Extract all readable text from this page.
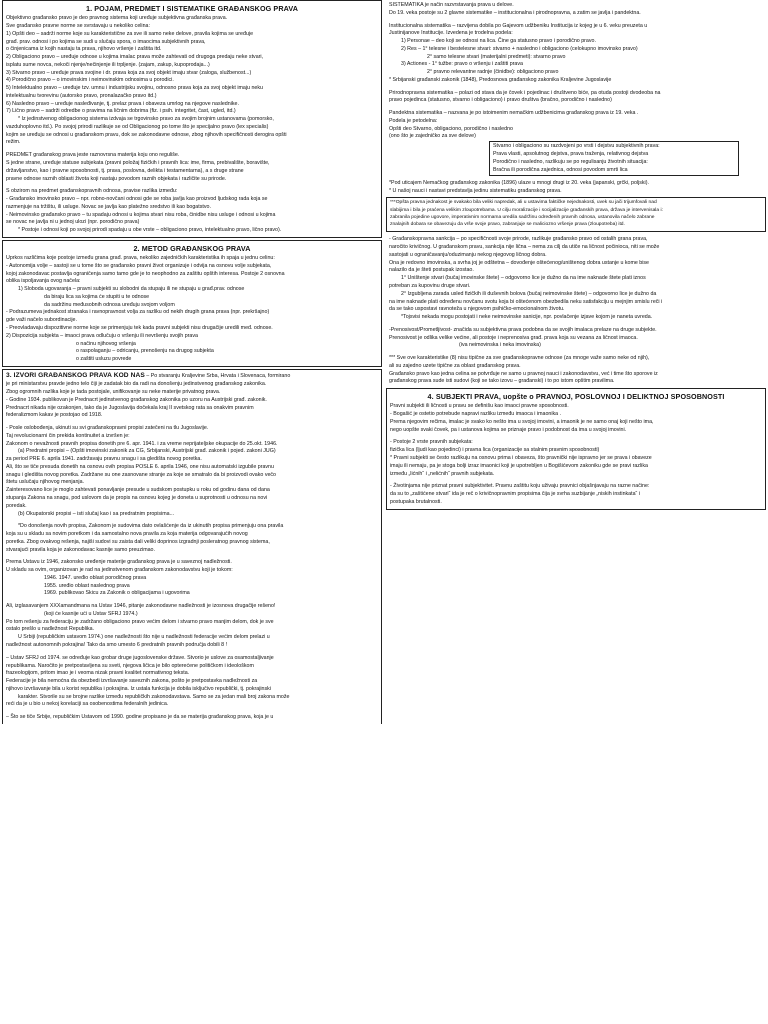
1. POJAM, PREDMET I SISTEMATIKE GRAĐANSKOG PRAVA
Objektivno građansko pravo je deo pravnog sistema koji uređuje subjektivna građanska prava.
Sve građansko pravne norme se svrstavaju u nekoliko celina:
1) Opšti deo – sadrži norme koje su karakteristične za sve ili samo neke delove, pravila kojima se uređuje
građ. prav. odnosi i po kojima se sudi u slučaju spora, o imaocima subjektivnih prava,
o činjenicama iz kojih nastaju ta prava, njihovo vršenje i zaštita itd.
2) Obligaciono pravo – uređuje odnose u kojima imalac prava može zahtevati od drugoga predaju neke stvari,
isplatu sume novca, nekoči njenje/nečinjenje ili trpljenje. (zajam, zakup, kupoprodaja...)
3) Stvarno pravo – uređuje prava svojine i dr. prava koja za svoj objekt imaju stvar (zaloga, službenost...)
4) Porodično pravo – o imovinskim i neimovinskim odnosima u porodici.
5) Intelektualno pravo – uređuje tzv. umnu i industrijsku svojinu, odnosno prava koja za svoj objekt imaju neku
intelektualnu tvorevinu (autorsko pravo, pronalazačko pravo itd.)
6) Nasledno pravo – uređuje nasleđivanje, tj. prelaz prava i obaveza umrlog na njegove naslednike.
7) Lično pravo – sadrži odredbe o pravima na ličnim dobrima (fiz. i psih. integritet, čast, ugled, itd.)
* Iz jedinstvenog obligacionog sistema izdvaja se trgovinsko pravo za svojim brojnim ustanovama (pomorsko,
vazduhoplovno itd.). Po svojoj prirodi razlikuje se od Obligacionog po tome što je specijalno pravo (lex specialis)
kojim se uređuju se odnosi u građanskom pravu, dok se zakonodavne odnose, zbog njihovih specifičnosti derogira opšti
režim.
PREDMET građanskog prava jeste raznovrsna materija koju ono reguliše.
S jedne strane, uređuje statuse subjekata (pravni položaj fizičkih i pravnih lica: ime, firma, prebivalište, boravište,
državljanstvo, kao i pravne sposobnosti, tj. prava, poslovna, delikta i testamentarna), a s druge strane
pravne odnose raznih oblasti života koji nastaju povodom raznih objekata i različite su prirode.
S obzirom na predmet građanskopravnih odnosa, pravise razlika između:
- Građansko imovinsko pravo – npr. robno-novčani odnosi gde se roba javlja kao proizvod ljudskog rada koja se
razmenjuje na tržištu, ili usluge. Novac se javlja kao platežno sredstvo ili kao bogatstvo.
- Neimovinsko građansko pravo – tu spadaju odnosi u kojima stvari nisu roba, činidbe nisu usluge i odnosi u kojima
se novac ne javlja ni u jednoj ulozi (npr. porodično prava)
* Postoje i odnosi koji po svojoj prirodi spadaju u obe vrste – obligaciono pravo, intelektualno pravo, lično pravo).
2. METOD GRAĐANSKOG PRAVA
Uprkos različima koje postoje između grana građ. prava, nekoliko zajedničkih karakteristika ih spaja u jednu celinu:
- Autonomija volje – sastoji se u tome što se građansko pravni život organizuje i odvija na osnovu volje subjekata,
kojoj zakonodavac postavlja ograničenja samo tamo gde je to neophodno za zaštitu opštih interesa. Postoje 2 osnovna
oblika ispoljavanja ovog načela:
1) Sloboda ugovaranja – pravni subjekti su slobodni da stupaju ili ne stupaju u građ.prav. odnose
da biraju lica sa kojima će stupiti u te odnose
da sadržinu međusobnih odnosa uređuju svojom voljom
- Podrazumeva jednakost stranaka i ravnopravnost volja za razliku od nekih drugih grana prava (npr. prekršajno)
gde važi načelo subordinacije.
- Preovladavaju dispozitivne norme koje se primenjuju tek kada pravni subjekti nisu drugačije uredili međ. odnose.
2) Dispozicija subjekta – imaoci prava odlučuju o vršenju ili nevršenju svojih prava
o načinu njihovog vršenja
o raspolaganju – odricanju, prenošenju na drugog subjekta
o zaštiti usluzu povrede
3. IZVORI GRAĐANSKOG PRAVA KOD NAS – Po stvaranju Kraljevine Srba, Hrvata i Slovenaca, formirano
je pri ministarstvu pravde jedno telo čiji je zadatak bio da radi na donošenju jedinstvenog građanskog zakonika.
Zbog ogromnih razlika koje je tada postojale, unifikovanje su neke materije privatnog prava.
- Godine 1934. publikovan je Prednacrt jedinstvenog građanskog zakonika po uzoru na Austrijski građ. zakonik.
Prednacrt nikada nije ozakonjen, tako da je Jugoslavija dočekala kraj II svetskog rata sa onakvim pravnim
federalizmom kakav je postojao od 1918.
- Posle oslobođenja, ukinuti su svi građanskopravni propisi zatečeni na tlu Jugoslavije.
Taj revolucionarni čin prekida kontinuitet a izvršen je:
Zakonom o nevažnosti pravnih propisa donetih pre 6. apr. 1941. i za vreme neprijateljske okupacije do 25.okt. 1946.
(a) Predratni propisi – (Opšti imovinski zakonik za CG, Srbijanski, Austrijski građ. zakonik i pojed. zakoni JUG)
za period PRE 6. aprila 1941. zadržavaju pravnu snagu i sa gledišta novog poretka.
Ali, što se tiče presuda donetih na osnovu ovih propisa POSLE 6. aprila 1946, one nisu automatski izgubile pravnu
snagu i gledišta novog poretka. Zadržane su one zasnovane stranje za koje se smatralo da bi proizvodi ovako večo
štetu uslučaju njihovog menjanja.
Zainteresovano lice je moglo zahtevati ponavljanje presude u sudskom postupku u roku od godinu dana od dana
stupanja Zakona na snagu, pod uslovom da je propis na osnovu kojeg je doneta u suprotnosti u odnosu na novi
poredak.
(b) Okupatorski propisi – isti slučaj kao i sa predratnim propisima...
*Do donošenja novih propisa, Zakonom je sudovima dato ovlašćenje da iz ukinutih propisa primenjuju ona pravila
koja su u skladu sa novim poretkom i da samostalno nova pravila za koja materija odgovarajućih novog
poretka. Zbog ovakvog rešenja, najiši sudovi su zaista dali veliki doprinos izgradnji posleratnog pravnog sistema,
stvarajući pravila koja je zakonodavac kasnije samo preuzimao.
Prema Ustavu iz 1946, zakonsko uređenje materije građanskog prava je u saveznoj nadležnosti.
U skladu sa ovim, organizovan je rad na jedinstvenom građanskom zakonodavstvu koji je tokom:
1946. 1947. uređio oblast porodičnog prava
1955. uređio oblast naslednog prava
1969. publikovao Skicu za Zakonik o obligacijama i ugovorima
Ali, izglasavanjem XXXamandmana na Ustav 1946, pitanje zakonodavne nadležnosti je izosnova drugačije rešeno!
(koji će kasnije ući u Ustav SFRJ 1974.)
Po tom rešenju za federaciju je zadržano obligaciono pravo većim delom i stvarno pravo manjim delom, dok je sve
ostalo prešlo u nadležnost Republika.
U Srbiji (republičkim ustavom 1974.) one nadležnosti što nije u nadležnosti federacije većim delom prelazi u
nadležnost autonomnih pokrajina! Tako da smo umesto 6 predratnih pravnih područja dobili 8 !
– Ustav SFRJ od 1974. se određuje kao grobar druge jugoslovenske države. Stvorio je uslove za osamostaljivanje
republikama. Naročito je pretpostavljena su sveti, njegova ličica je bilo opterećene političkom i ideološkom
frazeologijom, pritom imao je i veoma nizak pravni kvalitet normativnog teksta.
Federacije je bila nemoćna da obezbedi izvršavanje saveznih zakona, pošto je pretpostavka nadležnosti za
njihovo izvršavanje bila u korist republika i pokrajina. Iz ustala funkcija je dobila isključivo republički, tj. pokrajinski
karakter. Stvorile su se brojne razlike između republičkih zakonodavstava. Samo se za jedan mali broj zakona može
reći da je u bio u nekoj korelaciji sa osobenostima federalnih jedinica.
– Što se tiče Srbije, republičkim Ustavom od 1990. godine propisano je da se materija građanskog prava, koja je u
SISTEMATIKA je način razvrstavanja prava u delove.
Do 19. veka postoje su 2 glavne sistematike – institucionalna i pirodnopravna, a zatim se javlja i pandektna.
Institucionalna sistematika – razvijena dobila po Gajevom udžbeniku Institucija iz kojeg je u 6. veku preuzeta u
Justinijanove Institucije. Izvedena je trodelna podela:
1) Personae – deo koji se odnosi na lica. Čine ga statusno pravo i porodično pravo.
2) Res – 1° telesne i bestelesne stvari: stvarno + nasledno i obligaciono (celokupno imovinsko pravo)
2° samo telesne stvari (materijalni predmeti): stvarno pravo
3) Actiones - 1° tužbe: pravo o vršenju i zaštiti prava
2° pravno relevantne radnje (činidbe): obligaciono pravo
* Srbijanski građanski zakonik (1848), Predosnova građanskog zakonika Kraljevine Jugoslavije
Prirodnopravna sistematika – polazi od stava da je čovek i pojedinac i društveno biće, pa otuda postoji dvodeoba na
pravo pojedinca (statusno, stvarno i obligaciono) i pravo društva (bračno, porodično i nasledno)
Pandektna sistematika – nazvana je po istoimenim nemačkim udžbenicima građanskog prava iz 19. veka .
Podela je petodelna:
Opšti deo Stvarno, obligaciono, porodično i nasledno
(ono što je zajedničko za sve delove)
Stvarno i obligaciono su razdvojeni po vrsti i dejstvu subjektivnih prava:
Prava vlasti, apsolutnog dejstva, prava traženja, relativnog dejstva
Porodično i nasledno, razlikuju se po regulisanju životnih situacija:
Bračna ili porodična zajednica, odnosi povodom smrti lica
*Pod uticajem Nemačkog građanskog zakonika (1896) ulaze u mnogi drugi iz 20. veka (japanski, grčki, poljski).
* U našoj nauci i nastavi predstavlja jedinu sistematiku građanskog prava.
***Opšta pravna jednakost je svakako bila veliki napredak, ali u ustavima faktičke nejednakosti, uvek su jači trijumfovali nad
slabijima i bila je praćena velikim zloupotrebama. U cilju moralizacije i socijalizacije građanskih prava, država je intervenisala i:
zabranila pojedine ugovore, imperativnim normama uredila sadržinu određenih pravnih odnosa, ustanovila načelo zabrane
znalajnih dobara se obavezuju da vrše svoje pravo, zabranjuje se maliciozno vršenje prava (zloupotreba) itd.
- Građanskopravna sankcija – po specifičnosti svoje prirode, razlikuje građansko pravo od ostalih grana prava,
naročito krivičnog. U građanskom pravu, sankcija nije lična – nema za cilj da utiče na ličnost počinioca, niti se može
sastojati u ograničavanju/oduzimanju nekog njegovog ličnog dobra.
Ona je redovno imovinska, a svrha joj je odštetna – dovođenje oštećenog/uništenog dobra ustanje u kome bise
nalazilo da je šteti postupak izostao.
1° Uništenje stvari (bučaj imovinske štete) – odgovorno lice je dužno da na ime naknade štete plati iznos
potreban za kupovinu druge stvari.
2° Izgubljena zarada usled fizičkih ili duševnih bolova (bučaj neimovinske štete) – odgovorno lice je dužno da
na ime naknade plati određenu novčanu svotu koja bi oštećenom obezbedila neku satisfakciju u mejnjim smislu reči i
da se tako uspostavi ravnoteža u njegovom psihičko-emocionalnom životu.
*Tojsvisi nekada mogu postojati i neke neimovinske sanicije, npr. povlačenje izjave kojom je naneta uvreda.
-Prenosivost/Prometljivost- značida su subjektivna prava podobna da se svojih imalaca prelaze na druge subjekte.
Prenosivost je odlika velike većine, ali postoje i neprenosiva građ. prava koja su vezana za ličnost imaoca.
(iva neimovinska i neka imovinska)
*** Sve ove karakteristike (8) nisu tipične za sve građanskopravne odnose (za mnoge važe samo neke od njih),
ali su zajedno uzete tipične za oblast građanskog prava.
Građansko pravo kao jedna celina se potvrđuje ne samo u pravnoj nauci i zakonodavstvu, već i time što sporove iz
građanskog prava sude isti sudovi (koji se tako izovu – građanski) i to po istom opštim pravilima.
4. SUBJEKTI PRAVA, uopšte o PRAVNOJ, POSLOVNOJ I DELIKTNOJ SPOSOBNOSTI
Pravni subjekti ili ličnosti u pravu se definišu kao imaoci pravne sposobnosti.
- Bogašić je ostetio potrebude napravi razliku između imaoca i imaonika .
Prema njegovim rečima, imalac je svako ko nešto ima u svojoj imovini, a imaonik je ne samo onaj koji nešto ima,
nego uopšte svaki čovek, pa i ustanova kojima se priznaje pravo i podobnost da ima u svojoj imovini.
- Postoje 2 vrste pravnih subjekata:
fizička lica (ljudi kao pojedinci) i pravna lica (organizacije sa stalnim pravnim sposobnosti)
* Pravni subjekti se često razlikuju na osnovu prima i obaveza, što pravnički nije ispravno jer se prava i obaveze
imaju ili nemaju, pa je stoga bolji izraz imaonici koji je upotrebljen u Bogišićevom zakoniku gde se pravi razlika
između „lićnih“ i „nelićnih“ pravnih subjekata.
- Životinjama nije priznat pravni subjektivitet. Pravnu zaštitu koju uživaju pravnici objašnjavaju na razne načine:
da su to „zaštićene stvari“ ida je reč o krivičnopravnim propisima čija je svrha suzbijanje „niskih instinkata“ i
postupaka brutalnosti.
